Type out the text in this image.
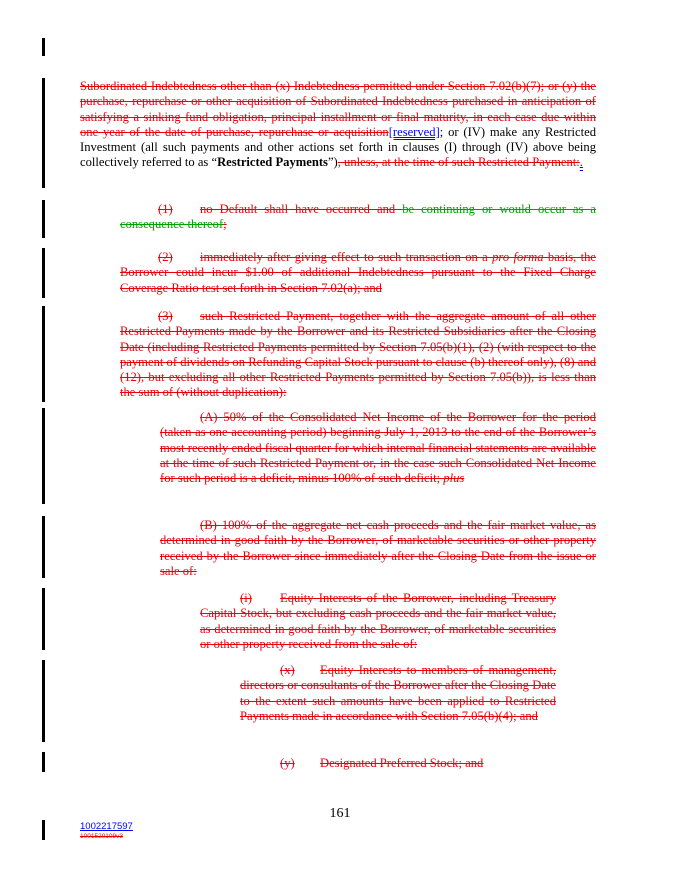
Subordinated Indebtedness other than (x) Indebtedness permitted under Section 7.02(b)(7); or (y) the purchase, repurchase or other acquisition of Subordinated Indebtedness purchased in anticipation of satisfying a sinking fund obligation, principal installment or final maturity, in each case due within one year of the date of purchase, repurchase or acquisition[reserved]; or (IV) make any Restricted Investment (all such payments and other actions set forth in clauses (I) through (IV) above being collectively referred to as “Restricted Payments”), unless, at the time of such Restricted Payment:.
(1) no Default shall have occurred and be continuing or would occur as a consequence thereof;
(2) immediately after giving effect to such transaction on a pro forma basis, the Borrower could incur $1.00 of additional Indebtedness pursuant to the Fixed Charge Coverage Ratio test set forth in Section 7.02(a); and
(3) such Restricted Payment, together with the aggregate amount of all other Restricted Payments made by the Borrower and its Restricted Subsidiaries after the Closing Date (including Restricted Payments permitted by Section 7.05(b)(1), (2) (with respect to the payment of dividends on Refunding Capital Stock pursuant to clause (b) thereof only), (8) and (12), but excluding all other Restricted Payments permitted by Section 7.05(b)), is less than the sum of (without duplication):
(A) 50% of the Consolidated Net Income of the Borrower for the period (taken as one accounting period) beginning July 1, 2013 to the end of the Borrower’s most recently ended fiscal quarter for which internal financial statements are available at the time of such Restricted Payment or, in the case such Consolidated Net Income for such period is a deficit, minus 100% of such deficit; plus
(B) 100% of the aggregate net cash proceeds and the fair market value, as determined in good faith by the Borrower, of marketable securities or other property received by the Borrower since immediately after the Closing Date from the issue or sale of:
(i) Equity Interests of the Borrower, including Treasury Capital Stock, but excluding cash proceeds and the fair market value, as determined in good faith by the Borrower, of marketable securities or other property received from the sale of:
(x) Equity Interests to members of management, directors or consultants of the Borrower after the Closing Date to the extent such amounts have been applied to Restricted Payments made in accordance with Section 7.05(b)(4); and
(y) Designated Preferred Stock; and
161
1002217597
1001520109v3
